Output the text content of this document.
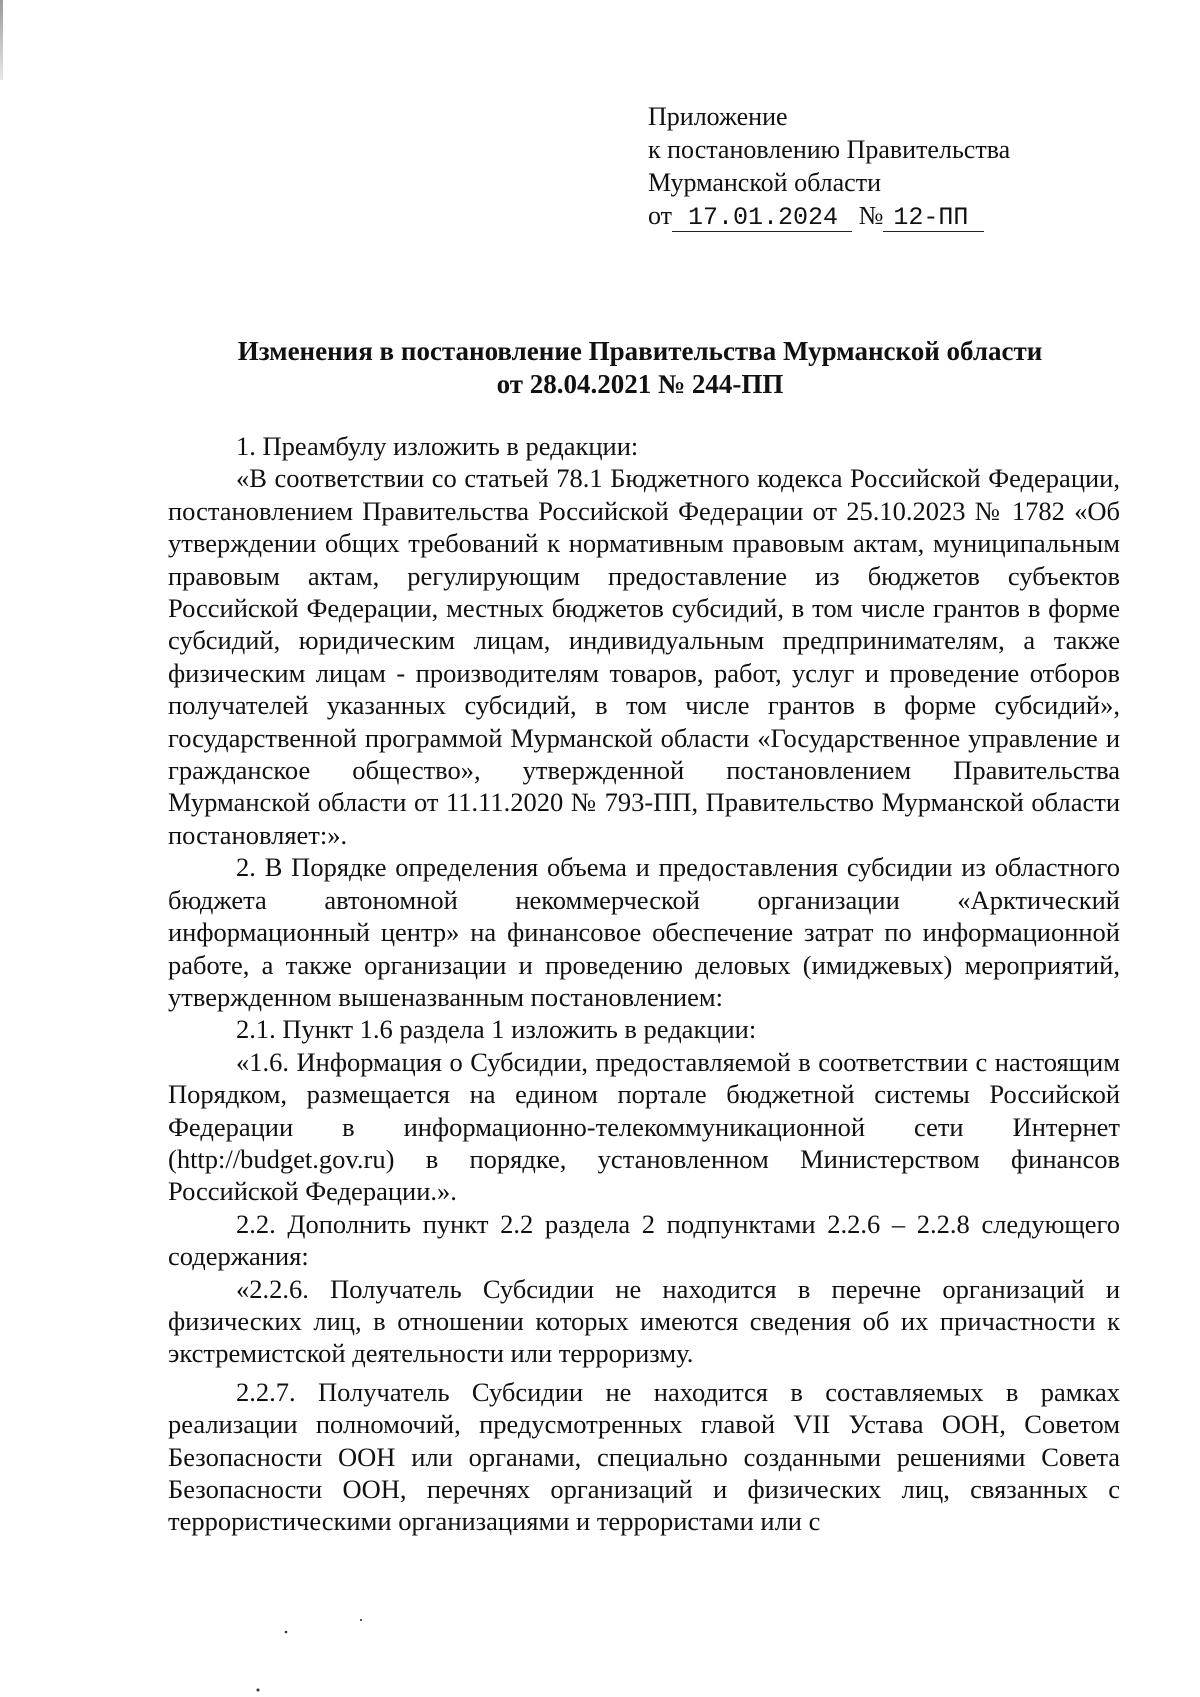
Приложение
к постановлению Правительства
Мурманской области
от 17.01.2024 № 12-ПП
Изменения в постановление Правительства Мурманской области
от 28.04.2021 № 244-ПП

1. Преамбулу изложить в редакции:

«В соответствии со статьей 78.1 Бюджетного кодекса Российской Федерации, постановлением Правительства Российской Федерации от 25.10.2023 № 1782 «Об утверждении общих требований к нормативным правовым актам, муниципальным правовым актам, регулирующим предоставление из бюджетов субъектов Российской Федерации, местных бюджетов субсидий, в том числе грантов в форме субсидий, юридическим лицам, индивидуальным предпринимателям, а также физическим лицам - производителям товаров, работ, услуг и проведение отборов получателей указанных субсидий, в том числе грантов в форме субсидий», государственной программой Мурманской области «Государственное управление и гражданское общество», утвержденной постановлением Правительства Мурманской области от 11.11.2020 № 793-ПП, Правительство Мурманской области постановляет:».

2. В Порядке определения объема и предоставления субсидии из областного бюджета автономной некоммерческой организации «Арктический информационный центр» на финансовое обеспечение затрат по информационной работе, а также организации и проведению деловых (имиджевых) мероприятий, утвержденном вышеназванным постановлением:

2.1. Пункт 1.6 раздела 1 изложить в редакции:

«1.6. Информация о Субсидии, предоставляемой в соответствии с настоящим Порядком, размещается на едином портале бюджетной системы Российской Федерации в информационно-телекоммуникационной сети Интернет (http://budget.gov.ru) в порядке, установленном Министерством финансов Российской Федерации.».

2.2. Дополнить пункт 2.2 раздела 2 подпунктами 2.2.6 – 2.2.8 следующего содержания:

«2.2.6. Получатель Субсидии не находится в перечне организаций и физических лиц, в отношении которых имеются сведения об их причастности к экстремистской деятельности или терроризму.

2.2.7. Получатель Субсидии не находится в составляемых в рамках реализации полномочий, предусмотренных главой VII Устава ООН, Советом Безопасности ООН или органами, специально созданными решениями Совета Безопасности ООН, перечнях организаций и физических лиц, связанных с террористическими организациями и террористами или с
